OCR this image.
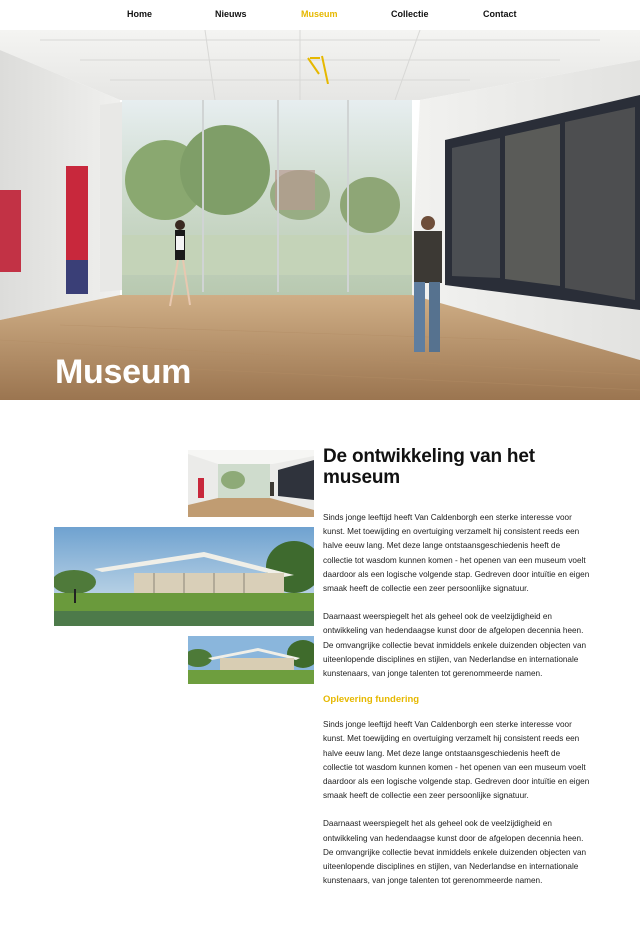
Home	Nieuws	Museum	Collectie	Contact
Museum
De ontwikkeling van het museum

Sinds jonge leeftijd heeft Van Caldenborgh een sterke interesse voor kunst. Met toewijding en overtuiging verzamelt hij consistent reeds een halve eeuw lang. Met deze lange ontstaansgeschiedenis heeft de collectie tot wasdom kunnen komen - het openen van een museum voelt daardoor als een logische volgende stap. Gedreven door intuïtie en eigen smaak heeft de collectie een zeer persoonlijke signatuur.

Daarnaast weerspiegelt het als geheel ook de veelzijdigheid en ontwikkeling van hedendaagse kunst door de afgelopen decennia heen. De omvangrijke collectie bevat inmiddels enkele duizenden objecten van uiteenlopende disciplines en stijlen, van Nederlandse en internationale kunstenaars, van jonge talenten tot gerenommeerde namen.

Oplevering fundering

Sinds jonge leeftijd heeft Van Caldenborgh een sterke interesse voor kunst. Met toewijding en overtuiging verzamelt hij consistent reeds een halve eeuw lang. Met deze lange ontstaansgeschiedenis heeft de collectie tot wasdom kunnen komen - het openen van een museum voelt daardoor als een logische volgende stap. Gedreven door intuïtie en eigen smaak heeft de collectie een zeer persoonlijke signatuur.

Daarnaast weerspiegelt het als geheel ook de veelzijdigheid en ontwikkeling van hedendaagse kunst door de afgelopen decennia heen. De omvangrijke collectie bevat inmiddels enkele duizenden objecten van uiteenlopende disciplines en stijlen, van Nederlandse en internationale kunstenaars, van jonge talenten tot gerenommeerde namen.
